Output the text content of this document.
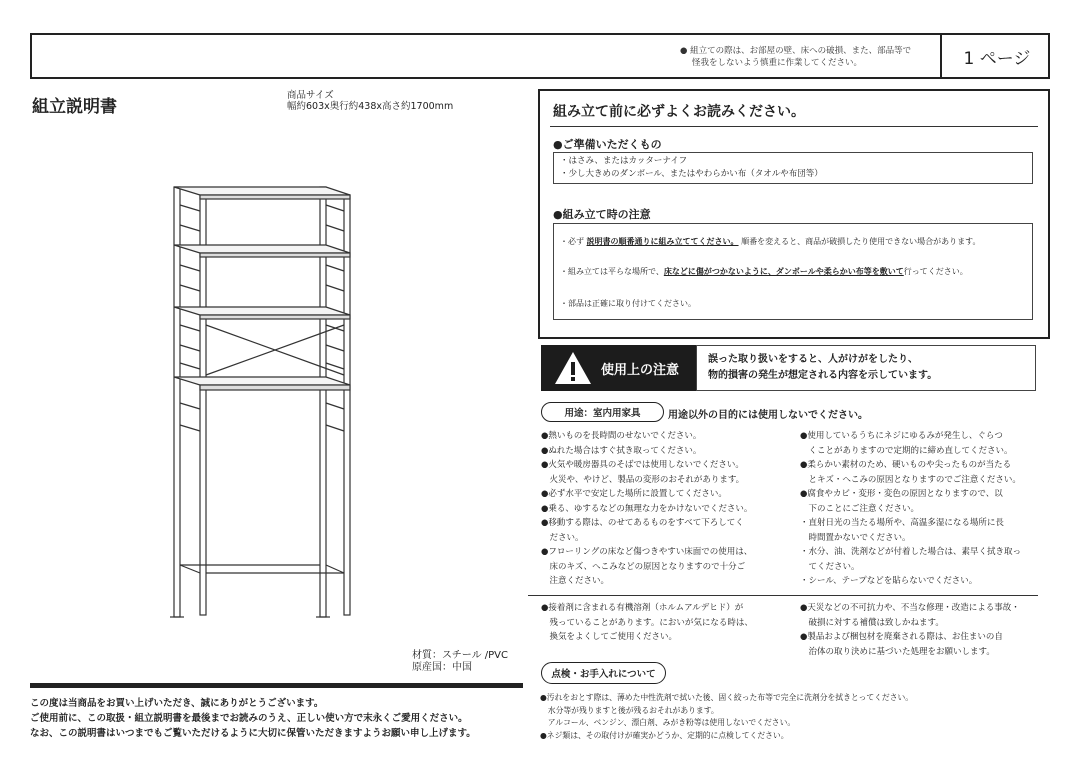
● 組立ての際は、お部屋の壁、床への破損、また、部品等で
怪我をしないよう慎重に作業してください。	1 ページ
組立説明書
商品サイズ
幅約603x奥行約438x高さ約1700mm
材質：スチール /PVC
原産国：中国
この度は当商品をお買い上げいただき、誠にありがとうございます。
ご使用前に、この取扱・組立説明書を最後までお読みのうえ、正しい使い方で末永くご愛用ください。
なお、この説明書はいつまでもご覧いただけるように大切に保管いただきますようお願い申し上げます。
組み立て前に必ずよくお読みください。
●ご準備いただくもの
・はさみ、またはカッターナイフ
・少し大きめのダンボール、またはやわらかい布（タオルや布団等）
●組み立て時の注意
・必ず 説明書の順番通りに組み立ててください。 順番を変えると、商品が破損したり使用できない場合があります。
・組み立ては平らな場所で、床などに傷がつかないように、ダンボールや柔らかい布等を敷いて行ってください。
・部品は正確に取り付けてください。
使用上の注意
誤った取り扱いをすると、人がけがをしたり、
物的損害の発生が想定される内容を示しています。
用途：室内用家具	用途以外の目的には使用しないでください。
●熱いものを長時間のせないでください。
●ぬれた場合はすぐ拭き取ってください。
●火気や暖房器具のそばでは使用しないでください。
　火災や、やけど、製品の変形のおそれがあります。
●必ず水平で安定した場所に設置してください。
●乗る、ゆするなどの無理な力をかけないでください。
●移動する際は、のせてあるものをすべて下ろしてく
　ださい。
●フローリングの床など傷つきやすい床面での使用は、
　床のキズ、へこみなどの原因となりますので十分ご
　注意ください。
●使用しているうちにネジにゆるみが発生し、ぐらつ
　くことがありますので定期的に締め直してください。
●柔らかい素材のため、硬いものや尖ったものが当たる
　とキズ・へこみの原因となりますのでご注意ください。
●腐食やカビ・変形・変色の原因となりますので、以
　下のことにご注意ください。
・直射日光の当たる場所や、高温多湿になる場所に長
　時間置かないでください。
・水分、油、洗剤などが付着した場合は、素早く拭き取っ
　てください。
・シール、テープなどを貼らないでください。
●接着剤に含まれる有機溶剤（ホルムアルデヒド）が
　残っていることがあります。においが気になる時は、
　換気をよくしてご使用ください。
●天災などの不可抗力や、不当な修理・改造による事故・
　破損に対する補償は致しかねます。
●製品および梱包材を廃棄される際は、お住まいの自
　治体の取り決めに基づいた処理をお願いします。
点検・お手入れについて
●汚れをおとす際は、薄めた中性洗剤で拭いた後、固く絞った布等で完全に洗剤分を拭きとってください。
　水分等が残りますと後が残るおそれがあります。
　アルコール、ベンジン、漂白剤、みがき粉等は使用しないでください。
●ネジ類は、その取付けが確実かどうか、定期的に点検してください。
